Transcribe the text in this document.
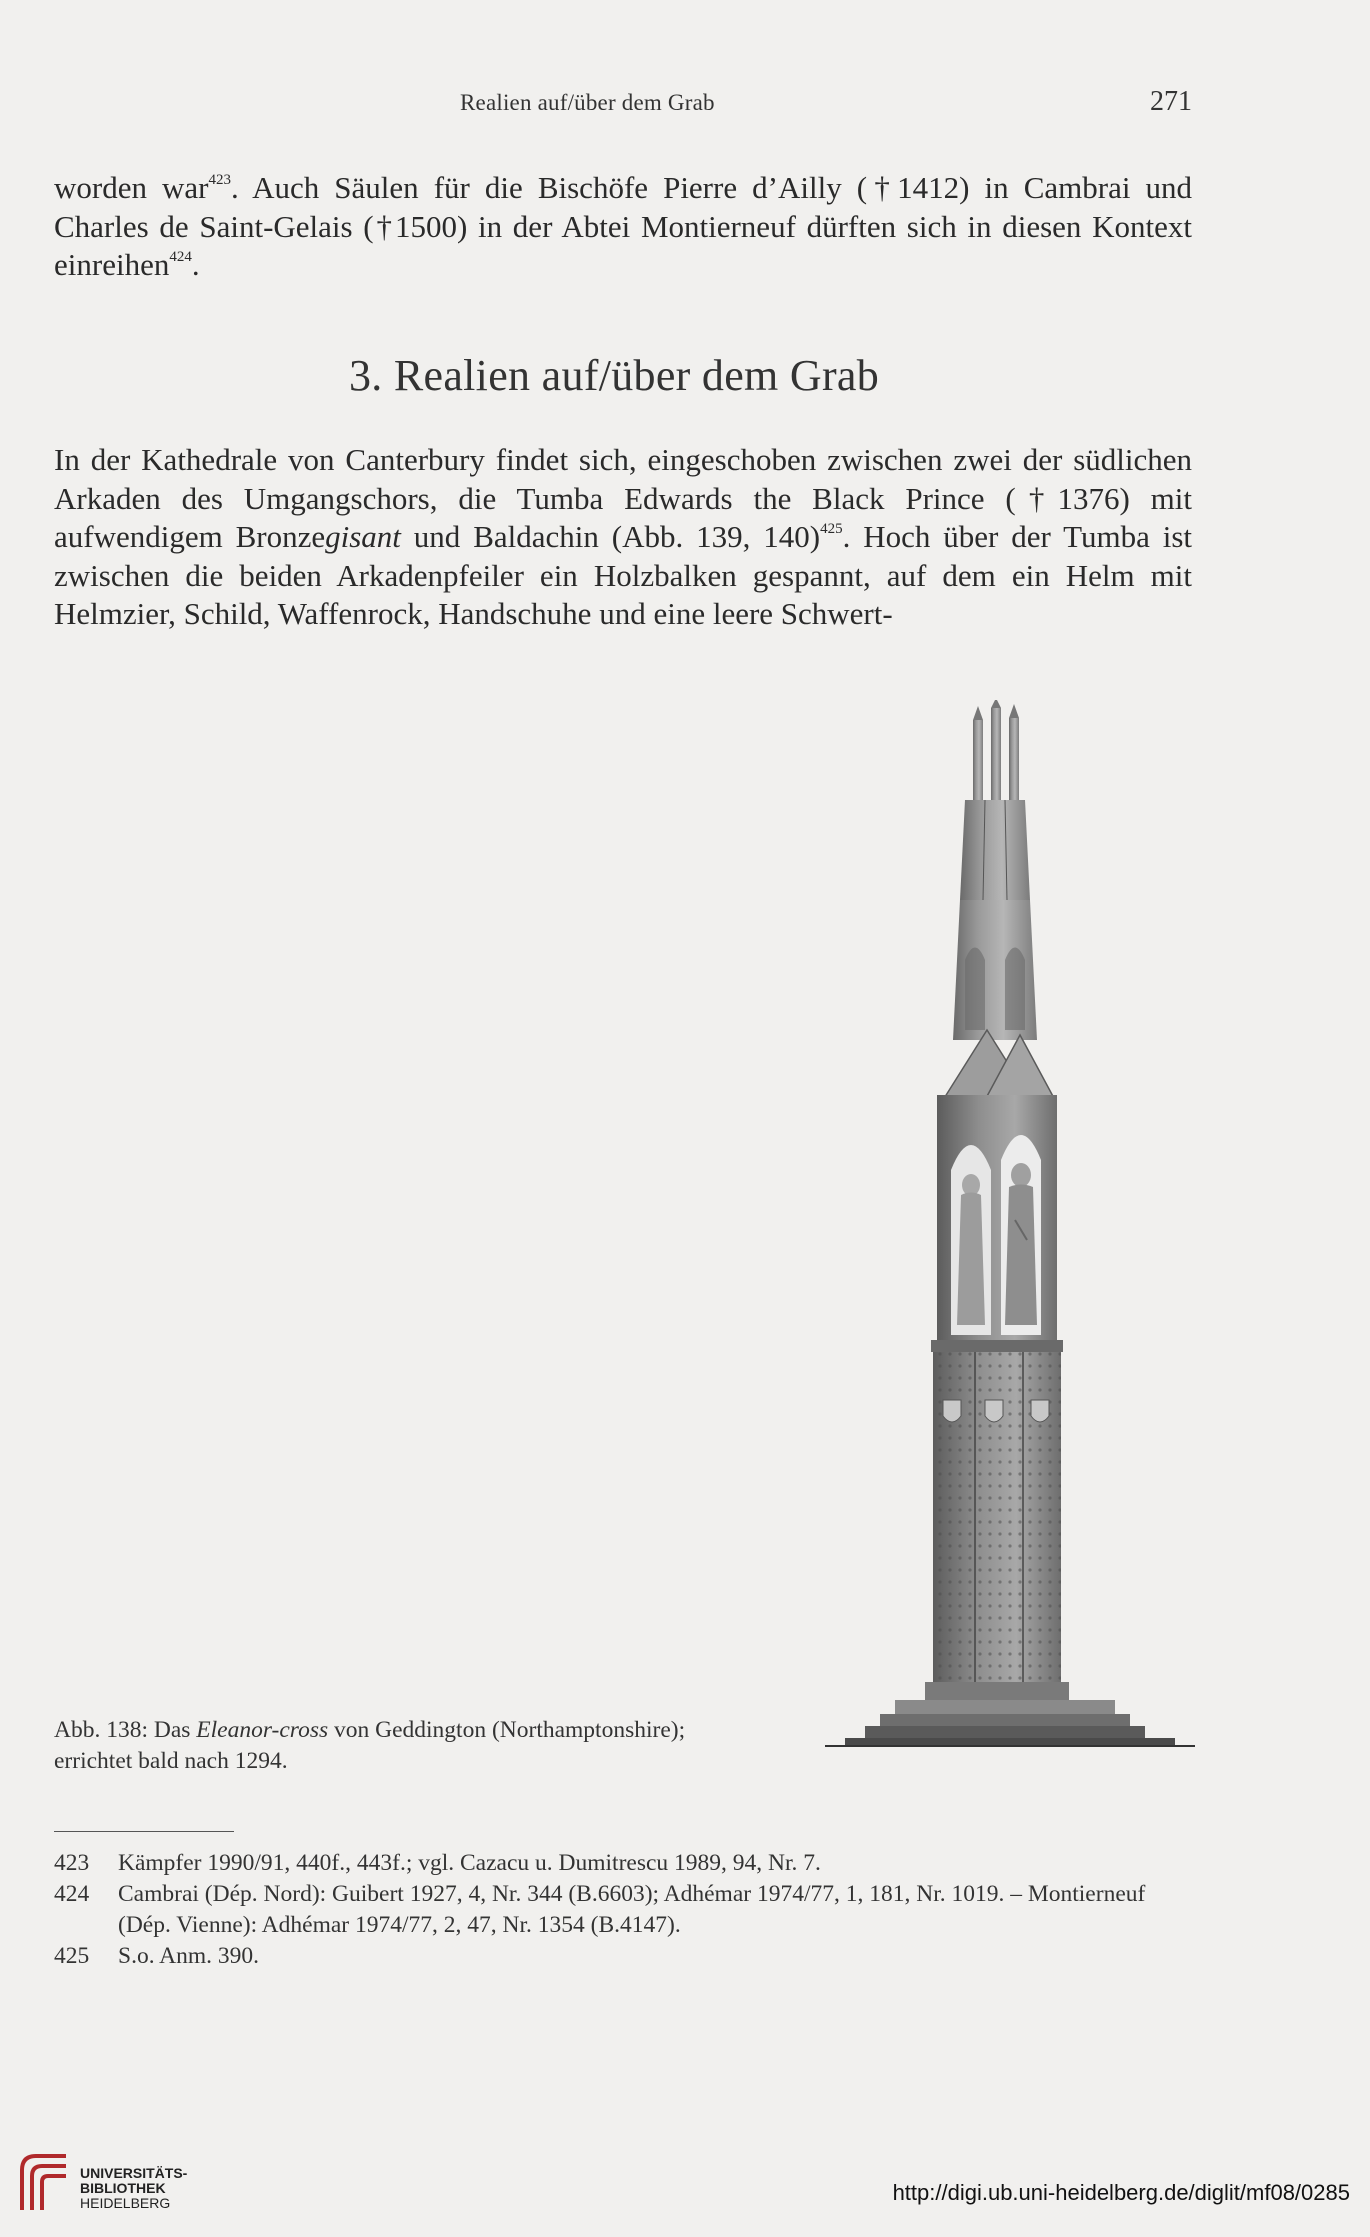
Realien auf/über dem Grab	271

worden war$^{423}$. Auch Säulen für die Bischöfe Pierre d’Ailly (†1412) in Cambrai und Charles de Saint-Gelais (†1500) in der Abtei Montierneuf dürften sich in diesen Kontext einreihen$^{424}$.

3. Realien auf/über dem Grab

In der Kathedrale von Canterbury findet sich, eingeschoben zwischen zwei der südlichen Arkaden des Umgangschors, die Tumba Edwards the Black Prince (†1376) mit aufwendigem Bronzegisant und Baldachin (Abb. 139, 140)$^{425}$. Hoch über der Tumba ist zwischen die beiden Arkadenpfeiler ein Holzbalken gespannt, auf dem ein Helm mit Helmzier, Schild, Waffenrock, Handschuhe und eine leere Schwert-

Abb. 138: Das Eleanor-cross von Geddington (Northamptonshire);

errichtet bald nach 1294.

423 Kämpfer 1990/91, 440f., 443f.; vgl. Cazacu u. Dumitrescu 1989, 94, Nr. 7.
424 Cambrai (Dép. Nord): Guibert 1927, 4, Nr. 344 (B.6603); Adhémar 1974/77, 1, 181, Nr. 1019. – Montierneuf (Dép. Vienne): Adhémar 1974/77, 2, 47, Nr. 1354 (B.4147).
425 S.o. Anm. 390.
UNIVERSITÄTS-
BIBLIOTHEK
HEIDELBERG	http://digi.ub.uni-heidelberg.de/diglit/mf08/0285
